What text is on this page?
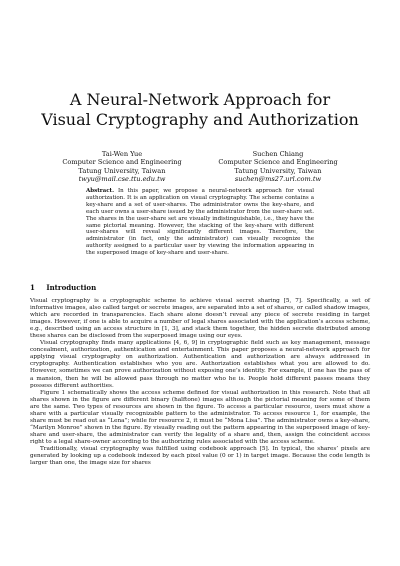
A Neural-Network Approach for
Visual Cryptography and Authorization
Tai-Wen Yue
Computer Science and Engineering
Tatung University, Taiwan
twyu@mail.cse.ttu.edu.tw
Suchen Chiang
Computer Science and Engineering
Tatung University, Taiwan
suchen@ms27.url.com.tw
Abstract. In this paper, we propose a neural-network approach for visual authorization. It is an application on visual cryptography. The scheme contains a key-share and a set of user-shares. The administrator owns the key-share, and each user owns a user-share issued by the administrator from the user-share set. The shares in the user-share set are visually indistinguishable, i.e., they have the same pictorial meaning. However, the stacking of the key-share with different user-shares will reveal significantly different images. Therefore, the administrator (in fact, only the administrator) can visually recognize the authority assigned to a particular user by viewing the information appearing in the superposed image of key-share and user-share.
1 Introduction

Visual cryptography is a cryptographic scheme to achieve visual secret sharing [5, 7]. Specifically, a set of informative images, also called target or secrete images, are separated into a set of shares, or called shadow images, which are recorded in transparencies. Each share alone doesn’t reveal any piece of secrete residing in target images. However, if one is able to acquire a number of legal shares associated with the application’s access scheme, e.g., described using an access structure in [1, 3], and stack them together, the hidden secrete distributed among these shares can be disclosed from the superposed image using our eyes.

Visual cryptography finds many applications [4, 6, 9] in cryptographic field such as key management, message concealment, authorization, authentication and entertainment. This paper proposes a neural-network approach for applying visual cryptography on authorization. Authentication and authorization are always addressed in cryptography. Authentication establishes who you are. Authorization establishes what you are allowed to do. However, sometimes we can prove authorization without exposing one’s identity. For example, if one has the pass of a mansion, then he will be allowed pass through no matter who he is. People hold different passes means they possess different authorities.

Figure 1 schematically shows the access scheme defined for visual authorization in this research. Note that all shares shown in the figure are different binary (halftone) images although the pictorial meaning for some of them are the same. Two types of resources are shown in the figure. To access a particular resource, users must show a share with a particular visually recognizable pattern to the administrator. To access resource 1, for example, the share must be read out as “Lena”; while for resource 2, it must be “Mona Lisa”. The administrator owns a key-share, “Marilyn Monroe” shown in the figure. By visually reading out the pattern appearing in the superposed image of key-share and user-share, the administrator can verify the legality of a share and, then, assign the coincident access right to a legal share-owner according to the authorizing rules associated with the access scheme.

Traditionally, visual cryptography was fulfilled using codebook approach [5]. In typical, the shares’ pixels are generated by looking up a codebook indexed by each pixel value (0 or 1) in target image. Because the code length is larger than one, the image size for shares
